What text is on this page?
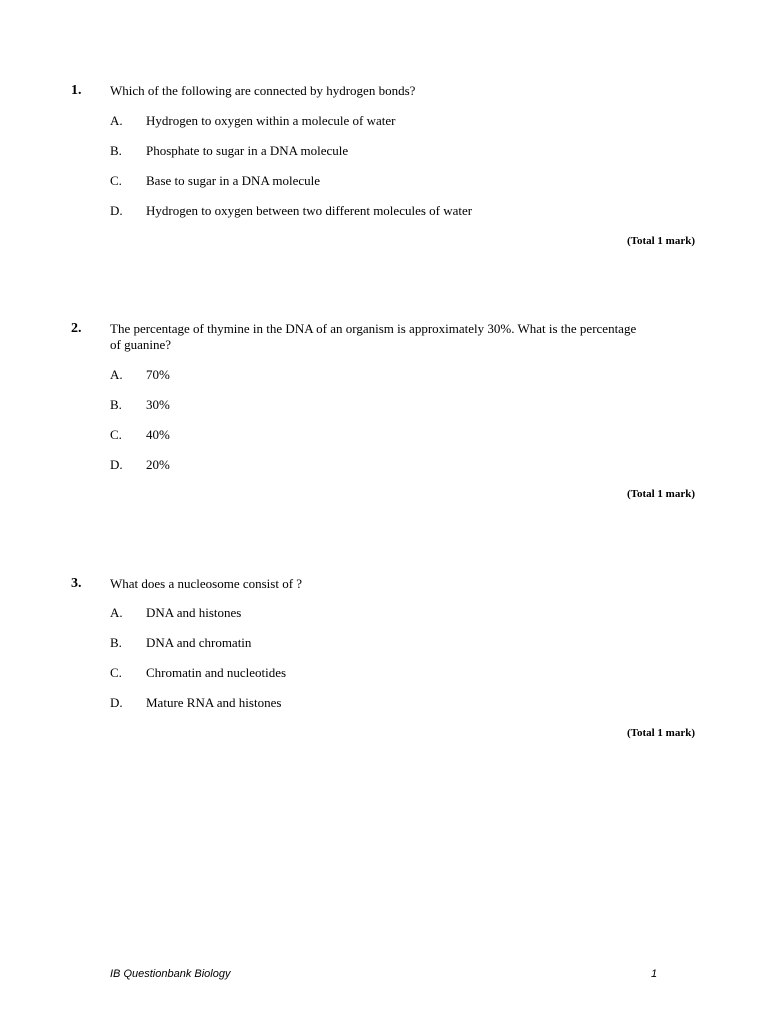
1. Which of the following are connected by hydrogen bonds?
A. Hydrogen to oxygen within a molecule of water
B. Phosphate to sugar in a DNA molecule
C. Base to sugar in a DNA molecule
D. Hydrogen to oxygen between two different molecules of water
(Total 1 mark)
2. The percentage of thymine in the DNA of an organism is approximately 30%. What is the percentage of guanine?
A. 70%
B. 30%
C. 40%
D. 20%
(Total 1 mark)
3. What does a nucleosome consist of ?
A. DNA and histones
B. DNA and chromatin
C. Chromatin and nucleotides
D. Mature RNA and histones
(Total 1 mark)
IB Questionbank Biology	1
